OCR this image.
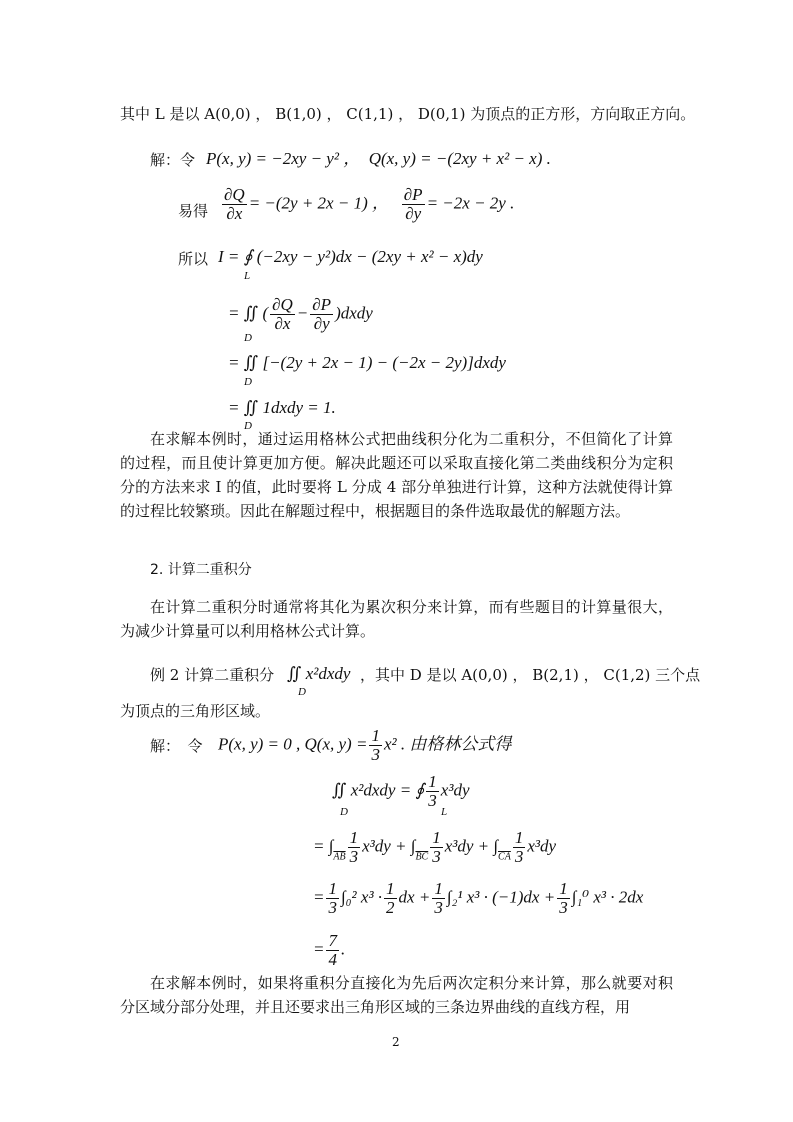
其中 L 是以 A(0,0) ， B(1,0) ， C(1,1) ， D(0,1) 为顶点的正方形，方向取正方向。
解：令 P(x, y) = −2xy − y² ，  Q(x, y) = −(2xy + x² − x) .
易得 $\frac{\partial Q}{\partial x} = -(2y + 2x - 1)$ ， $\frac{\partial P}{\partial y} = -2x - 2y$ .
所以 I = ∮ (−2xy − y²)dx − (2xy + x² − x)dy
L
= ∬ ( $\frac{\partial Q}{\partial x} - \frac{\partial P}{\partial y}$ )dxdy
D
= ∬ [−(2y + 2x − 1) − (−2x − 2y)]dxdy
D
= ∬ 1dxdy = 1.
D
在求解本例时，通过运用格林公式把曲线积分化为二重积分，不但简化了计算的过程，而且使计算更加方便。解决此题还可以采取直接化第二类曲线积分为定积分的方法来求 I 的值，此时要将 L 分成 4 部分单独进行计算，这种方法就使得计算的过程比较繁琐。因此在解题过程中，根据题目的条件选取最优的解题方法。
2. 计算二重积分
在计算二重积分时通常将其化为累次积分来计算，而有些题目的计算量很大，为减少计算量可以利用格林公式计算。
例 2 计算二重积分 ∬ x²dxdy
D
，其中 D 是以 A(0,0) ， B(2,1) ， C(1,2) 三个点
为顶点的三角形区域。
解：　令 P(x, y) = 0 , Q(x, $y) = \frac{1}{3} x^2$ . 由格林公式得
∬ x²dxdy = ∮ $\frac{1}{3} x^3dy$
D	L
= $\int_{\overline{AB}} \frac{1}{3} x^3dy + \int_{\overline{BC}} \frac{1}{3} x^3dy + \int_{\overline{CA}} \frac{1}{3} x^3dy$
= $\frac{1}{3} \int_0^2$ $x^3 \cdot \frac{1}{2}$ dx + $\frac{1}{3} \int_2^1$ $x^3 \cdot (-1)dx + \frac{1}{3} \int_1^0$ x³ · 2dx
= $\frac{7}{4}$ .
在求解本例时，如果将重积分直接化为先后两次定积分来计算，那么就要对积分区域分部分处理，并且还要求出三角形区域的三条边界曲线的直线方程，用
2
